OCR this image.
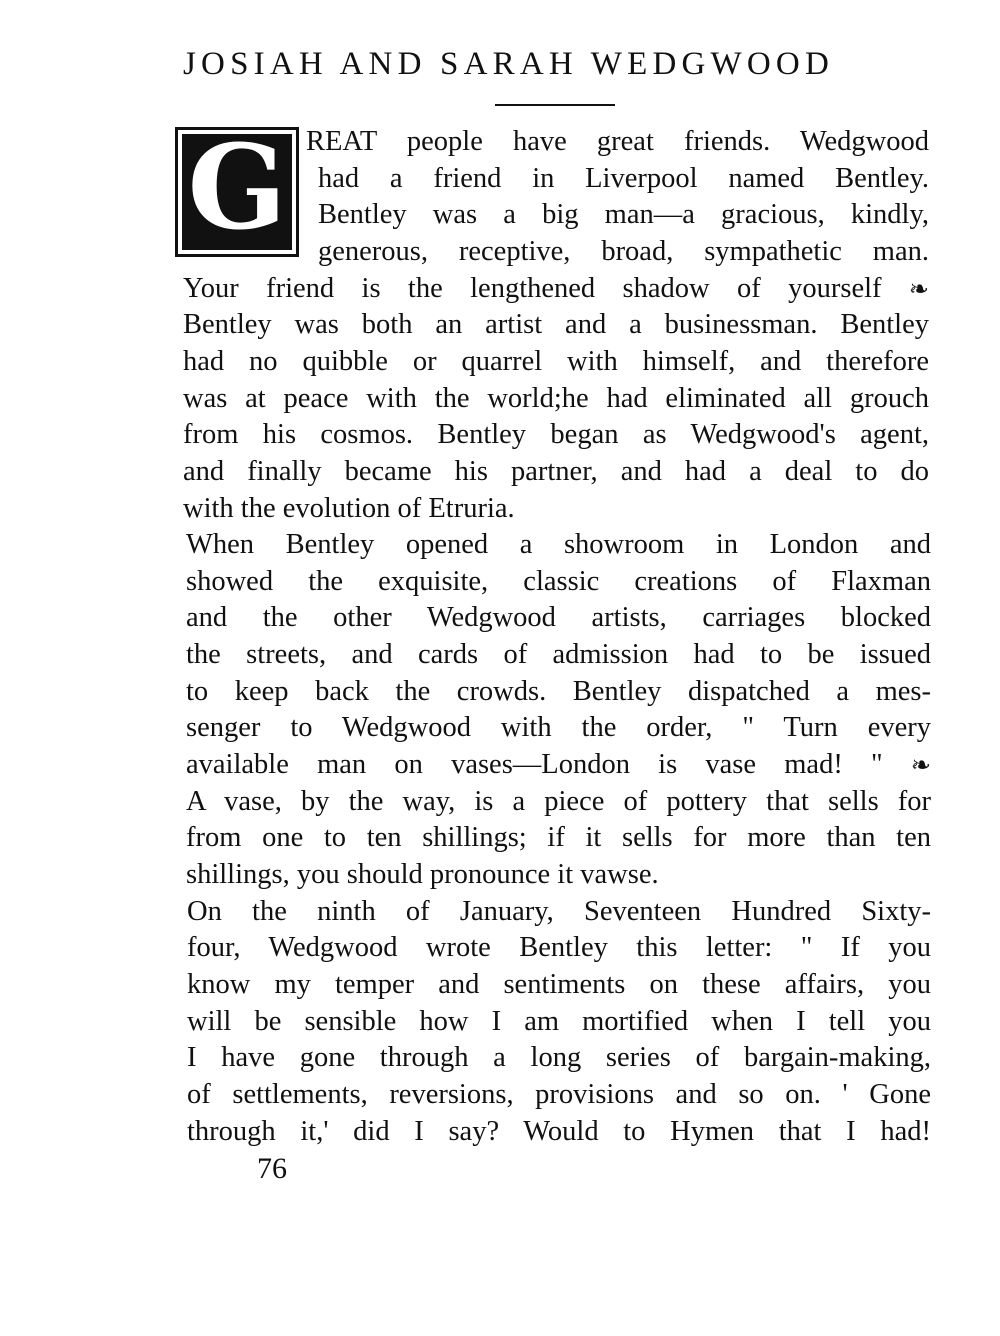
JOSIAH AND SARAH WEDGWOOD
G REAT people have great friends. Wedgwood
had a friend in Liverpool named Bentley.
Bentley was a big man—a gracious, kindly,
generous, receptive, broad, sympathetic man.
Your friend is the lengthened shadow of yourself ❧
Bentley was both an artist and a businessman. Bentley
had no quibble or quarrel with himself, and therefore
was at peace with the world;he had eliminated all grouch
from his cosmos. Bentley began as Wedgwood's agent,
and finally became his partner, and had a deal to do
with the evolution of Etruria.
When Bentley opened a showroom in London and
showed the exquisite, classic creations of Flaxman
and the other Wedgwood artists, carriages blocked
the streets, and cards of admission had to be issued
to keep back the crowds. Bentley dispatched a mes-
senger to Wedgwood with the order, " Turn every
available man on vases—London is vase mad! " ❧
A vase, by the way, is a piece of pottery that sells for
from one to ten shillings; if it sells for more than ten
shillings, you should pronounce it vawse.
On the ninth of January, Seventeen Hundred Sixty-
four, Wedgwood wrote Bentley this letter: " If you
know my temper and sentiments on these affairs, you
will be sensible how I am mortified when I tell you
I have gone through a long series of bargain-making,
of settlements, reversions, provisions and so on. ' Gone
through it,' did I say? Would to Hymen that I had!
76
